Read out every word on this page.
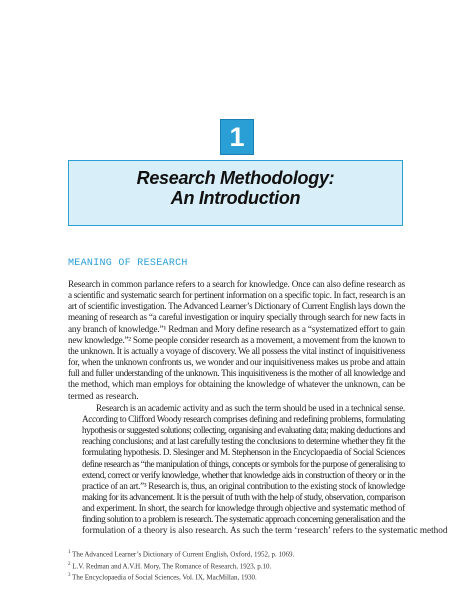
1
Research Methodology:
An Introduction
MEANING OF RESEARCH

Research in common parlance refers to a search for knowledge. Once can also define research as
a scientific and systematic search for pertinent information on a specific topic. In fact, research is an
art of scientific investigation. The Advanced Learner’s Dictionary of Current English lays down the
meaning of research as “a careful investigation or inquiry specially through search for new facts in
any branch of knowledge.”¹ Redman and Mory define research as a “systematized effort to gain
new knowledge.”² Some people consider research as a movement, a movement from the known to
the unknown. It is actually a voyage of discovery. We all possess the vital instinct of inquisitiveness
for, when the unknown confronts us, we wonder and our inquisitiveness makes us probe and attain
full and fuller understanding of the unknown. This inquisitiveness is the mother of all knowledge and
the method, which man employs for obtaining the knowledge of whatever the unknown, can be
termed as research.

Research is an academic activity and as such the term should be used in a technical sense.
According to Clifford Woody research comprises defining and redefining problems, formulating
hypothesis or suggested solutions; collecting, organising and evaluating data; making deductions and
reaching conclusions; and at last carefully testing the conclusions to determine whether they fit the
formulating hypothesis. D. Slesinger and M. Stephenson in the Encyclopaedia of Social Sciences
define research as “the manipulation of things, concepts or symbols for the purpose of generalising to
extend, correct or verify knowledge, whether that knowledge aids in construction of theory or in the
practice of an art.”³ Research is, thus, an original contribution to the existing stock of knowledge
making for its advancement. It is the persuit of truth with the help of study, observation, comparison
and experiment. In short, the search for knowledge through objective and systematic method of
finding solution to a problem is research. The systematic approach concerning generalisation and the
formulation of a theory is also research. As such the term ‘research’ refers to the systematic method

$^1$ The Advanced Learner’s Dictionary of Current English, Oxford, 1952, p. 1069.
$^2$ L.V. Redman and A.V.H. Mory, The Romance of Research, 1923, p.10.
$^3$ The Encyclopaedia of Social Sciences, Vol. IX, MacMillan, 1930.
